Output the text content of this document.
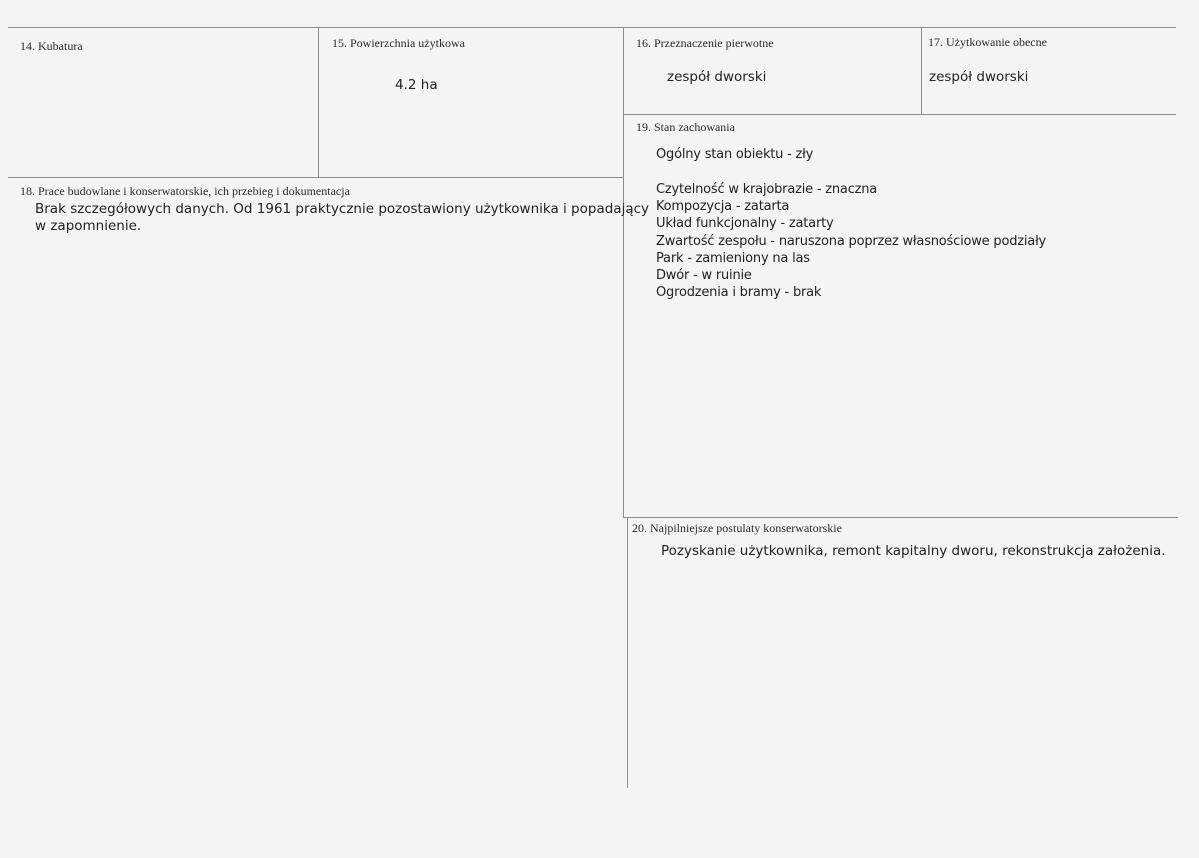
14. Kubatura	15. Powierzchnia użytkowa
4.2 ha
16. Przeznaczenie pierwotne
zespół dworski
17. Użytkowanie obecne
zespół dworski
18. Prace budowlane i konserwatorskie, ich przebieg i dokumentacja
Brak szczegółowych danych. Od 1961 praktycznie pozostawiony użytkownika i popadający
w zapomnienie.
19. Stan zachowania
Ogólny stan obiektu - zły
Czytelność w krajobrazie - znaczna
Kompozycja - zatarta
Układ funkcjonalny - zatarty
Zwartość zespołu - naruszona poprzez własnościowe podziały
Park - zamieniony na las
Dwór - w ruinie
Ogrodzenia i bramy - brak
20. Najpilniejsze postulaty konserwatorskie
Pozyskanie użytkownika, remont kapitalny dworu, rekonstrukcja założenia.
